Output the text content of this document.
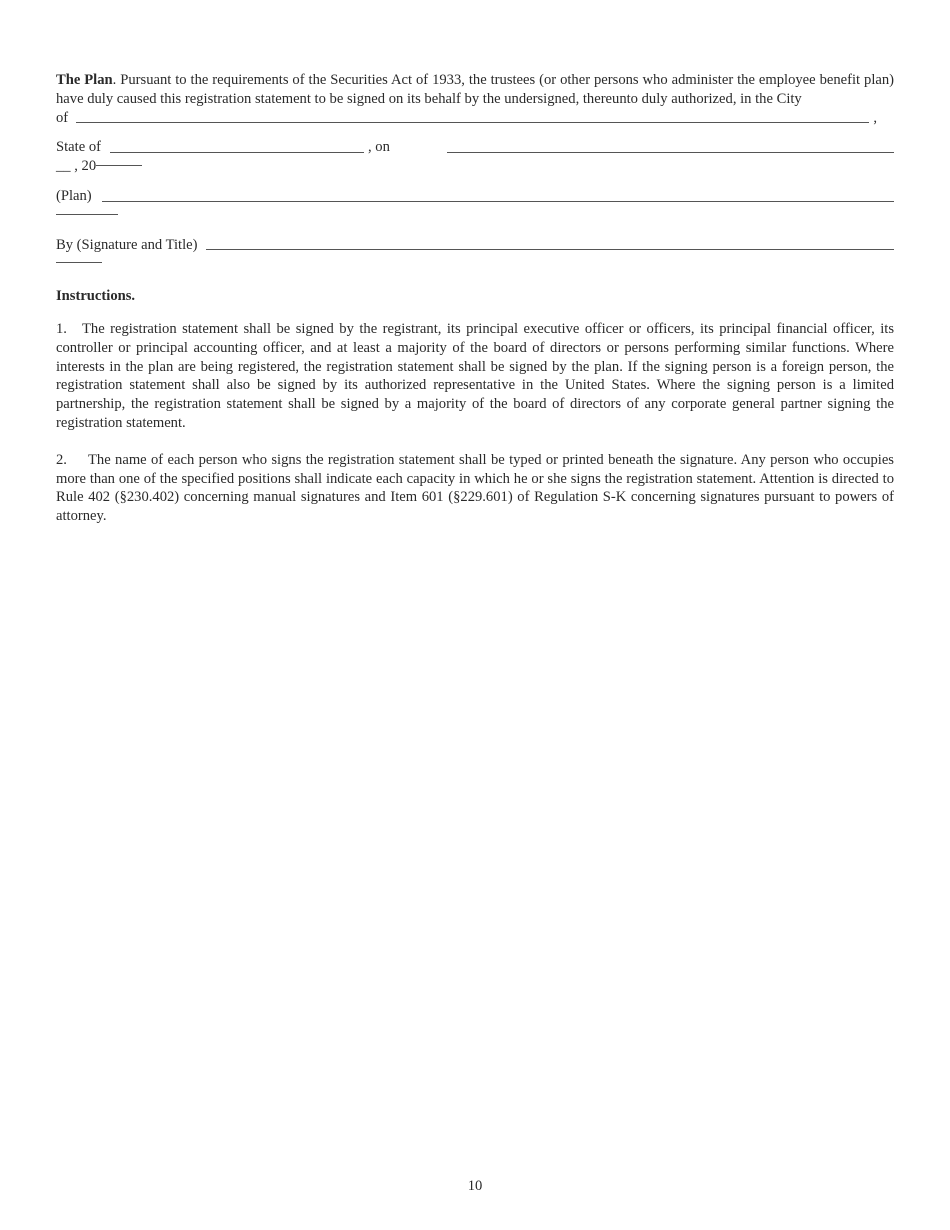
The Plan. Pursuant to the requirements of the Securities Act of 1933, the trustees (or other persons who administer the employee benefit plan) have duly caused this registration statement to be signed on its behalf by the undersigned, thereunto duly authorized, in the City

of	,
State of	, on
__ , 20
(Plan)
By (Signature and Title)

Instructions.

1. The registration statement shall be signed by the registrant, its principal executive officer or officers, its principal financial officer, its controller or principal accounting officer, and at least a majority of the board of directors or persons performing similar functions. Where interests in the plan are being registered, the registration statement shall be signed by the plan. If the signing person is a foreign person, the registration statement shall also be signed by its authorized representative in the United States. Where the signing person is a limited partnership, the registration statement shall be signed by a majority of the board of directors of any corporate general partner signing the registration statement.

2. The name of each person who signs the registration statement shall be typed or printed beneath the signature. Any person who occupies more than one of the specified positions shall indicate each capacity in which he or she signs the registration statement. Attention is directed to Rule 402 (§230.402) concerning manual signatures and Item 601 (§229.601) of Regulation S-K concerning signatures pursuant to powers of attorney.

10
